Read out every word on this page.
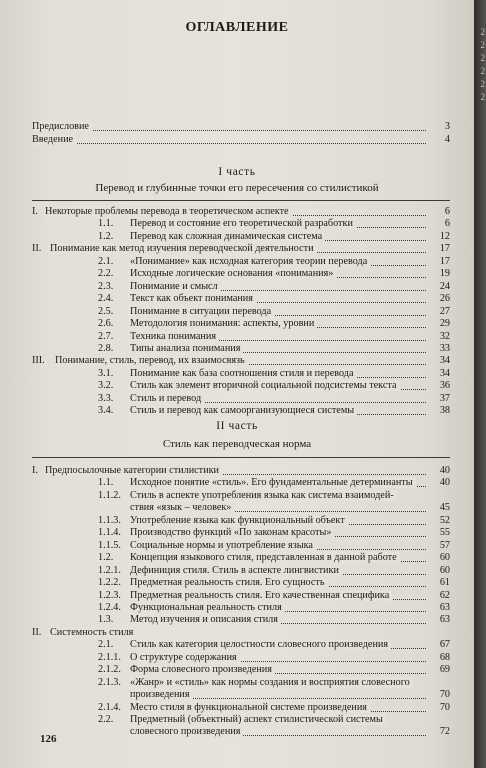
ОГЛАВЛЕНИЕ
Предисловие	3
Введение	4
I часть
Перевод и глубинные точки его пересечения со стилистикой
I. Некоторые проблемы перевода в теоретическом аспекте	6
1.1. Перевод и состояние его теоретической разработки	6
1.2. Перевод как сложная динамическая система	12
II. Понимание как метод изучения переводческой деятельности	17
2.1. «Понимание» как исходная категория теории перевода	17
2.2. Исходные логические основания «понимания»	19
2.3. Понимание и смысл	24
2.4. Текст как объект понимания	26
2.5. Понимание в ситуации перевода	27
2.6. Методология понимания: аспекты, уровни	29
2.7. Техника понимания	32
2.8. Типы анализа понимания	33
III. Понимание, стиль, перевод, их взаимосвязь	34
3.1. Понимание как база соотношения стиля и перевода	34
3.2. Стиль как элемент вторичной социальной подсистемы текста	36
3.3. Стиль и перевод	37
3.4. Стиль и перевод как самоорганизующиеся системы	38
II часть
Стиль как переводческая норма
I. Предпосылочные категории стилистики	40
1.1. Исходное понятие «стиль». Его фундаментальные детерминанты	40
1.1.2. Стиль в аспекте употребления языка как система взаимодей-
ствия «язык – человек»	45
1.1.3. Употребление языка как функциональный объект	52
1.1.4. Производство функций «По законам красоты»	55
1.1.5. Социальные нормы и употребление языка	57
1.2. Концепция языкового стиля, представленная в данной работе	60
1.2.1. Дефиниция стиля. Стиль в аспекте лингвистики	60
1.2.2. Предметная реальность стиля. Его сущность	61
1.2.3. Предметная реальность стиля. Его качественная специфика	62
1.2.4. Функциональная реальность стиля	63
1.3. Метод изучения и описания стиля	63
II. Системность стиля
2.1. Стиль как категория целостности словесного произведения	67
2.1.1. О структуре содержания	68
2.1.2. Форма словесного произведения	69
2.1.3. «Жанр» и «стиль» как нормы создания и восприятия словесного
произведения	70
2.1.4. Место стиля в функциональной системе произведения	70
2.2. Предметный (объектный) аспект стилистической системы
словесного произведения	72
126
2
2
2
2
2
2
